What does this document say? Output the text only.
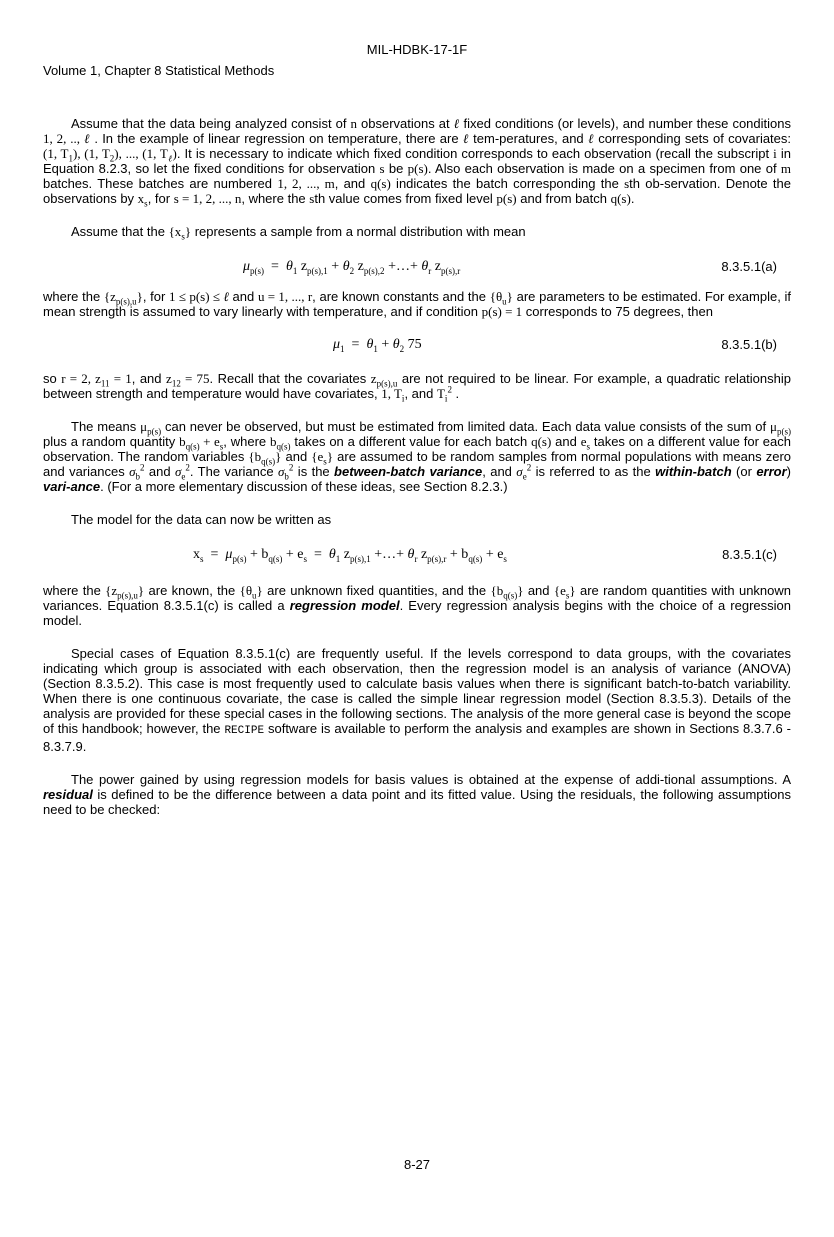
MIL-HDBK-17-1F
Volume 1, Chapter 8 Statistical Methods

Assume that the data being analyzed consist of n observations at ℓ fixed conditions (or levels), and number these conditions 1, 2, .., ℓ . In the example of linear regression on temperature, there are ℓ tem-peratures, and ℓ corresponding sets of covariates: (1, $T_1$), (1, $T_2$), ..., (1, $T_\ell$). It is necessary to indicate which fixed condition corresponds to each observation (recall the subscript i in Equation 8.2.3, so let the fixed conditions for observation s be p(s). Also each observation is made on a specimen from one of m batches. These batches are numbered 1, 2, ..., m, and q(s) indicates the batch corresponding the sth ob-servation. Denote the observations by $x_s$, for s = 1, 2, ..., n, where the sth value comes from fixed level p(s) and from batch q(s).

Assume that the $\{x_s\}$ represents a sample from a normal distribution with mean

$\mu_{p(s)} = \theta_1$ $z_{p(s),1} + \theta_2$ $z_{p(s),2}$ +…+ $\theta_r$ $z_{p(s),r}$	8.3.5.1(a)

where the $\{z_{p(s),u}\}$, for 1 ≤ p(s) ≤ ℓ and u = 1, ..., r, are known constants and the $\{\theta_u\}$ are parameters to be estimated. For example, if mean strength is assumed to vary linearly with temperature, and if condition p(s) = 1 corresponds to 75 degrees, then

$\mu_1 = \theta_1 + \theta_2$ 75	8.3.5.1(b)

so r = 2, $z_{11} = 1$, and $z_{12} = 75$. Recall that the covariates $z_{p(s),u}$ are not required to be linear. For example, a quadratic relationship between strength and temperature would have covariates, 1, $T_i$, and $T_i^2$ .

The means $\mu_{p(s)}$ can never be observed, but must be estimated from limited data. Each data value consists of the sum of $\mu_{p(s)}$ plus a random quantity $b_{q(s)} + e_s$, where $b_{q(s)}$ takes on a different value for each batch q(s) and $e_s$ takes on a different value for each observation. The random variables $\{b_{q(s)}\}$ and $\{e_s\}$ are assumed to be random samples from normal populations with means zero and variances $\sigma_b^2$ and $\sigma_e^2$. The variance $\sigma_b^2$ is the between-batch variance, and $\sigma_e^2$ is referred to as the within-batch (or error) vari-ance. (For a more elementary discussion of these ideas, see Section 8.2.3.)

The model for the data can now be written as

$x_s = \mu_{p(s)} + b_{q(s)} + e_s = \theta_1$ $z_{p(s),1}$ +…+ $\theta_r$ $z_{p(s),r} + b_{q(s)} + e_s$	8.3.5.1(c)

where the $\{z_{p(s),u}\}$ are known, the $\{\theta_u\}$ are unknown fixed quantities, and the $\{b_{q(s)}\}$ and $\{e_s\}$ are random quantities with unknown variances. Equation 8.3.5.1(c) is called a regression model. Every regression analysis begins with the choice of a regression model.

Special cases of Equation 8.3.5.1(c) are frequently useful. If the levels correspond to data groups, with the covariates indicating which group is associated with each observation, then the regression model is an analysis of variance (ANOVA) (Section 8.3.5.2). This case is most frequently used to calculate basis values when there is significant batch-to-batch variability. When there is one continuous covariate, the case is called the simple linear regression model (Section 8.3.5.3). Details of the analysis are provided for these special cases in the following sections. The analysis of the more general case is beyond the scope of this handbook; however, the RECIPE software is available to perform the analysis and examples are shown in Sections 8.3.7.6 - 8.3.7.9.

The power gained by using regression models for basis values is obtained at the expense of addi-tional assumptions. A residual is defined to be the difference between a data point and its fitted value. Using the residuals, the following assumptions need to be checked:

8-27
